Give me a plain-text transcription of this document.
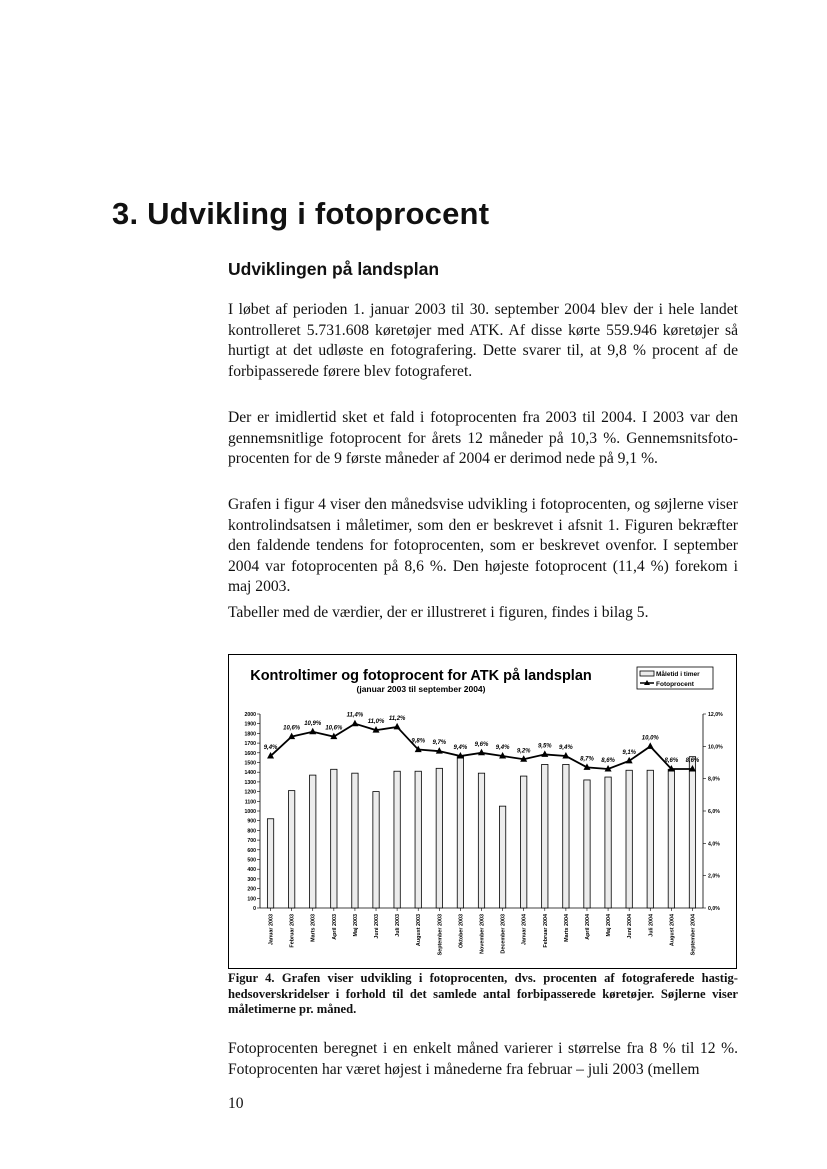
3. Udvikling i fotoprocent
Udviklingen på landsplan

I løbet af perioden 1. januar 2003 til 30. september 2004 blev der i hele landet kontrolleret 5.731.608 køretøjer med ATK. Af disse kørte 559.946 køretøjer så hurtigt at det udløste en fotografering. Dette svarer til, at 9,8 % procent af de forbipasserede førere blev fotograferet.

Der er imidlertid sket et fald i fotoprocenten fra 2003 til 2004. I 2003 var den gennemsnitlige fotoprocent for årets 12 måneder på 10,3 %. Gennemsnitsfotoprocenten for de 9 første måneder af 2004 er derimod nede på 9,1 %.

Grafen i figur 4 viser den månedsvise udvikling i fotoprocenten, og søjlerne viser kontrolindsatsen i måletimer, som den er beskrevet i afsnit 1. Figuren bekræfter den faldende tendens for fotoprocenten, som er beskrevet ovenfor. I september 2004 var fotoprocenten på 8,6 %. Den højeste fotoprocent (11,4 %) forekom i maj 2003.

Tabeller med de værdier, der er illustreret i figuren, findes i bilag 5.

Kontroltimer og fotoprocent for ATK på landsplan
(januar 2003 til september 2004)
Måletid i timer
Fotoprocent
0
100
200
300
400
500
600
700
800
900
1000
1100
1200
1300
1400
1500
1600
1700
1800
1900
2000
0,0%
2,0%
4,0%
6,0%
8,0%
10,0%
12,0%
Januar 2003	Februar 2003	Marts 2003	April 2003	Maj 2003	Juni 2003	Juli 2003	August 2003	September 2003	Oktober 2003	November 2003	December 2003	Januar 2004	Februar 2004	Marts 2004	April 2004	Maj 2004	Juni 2004	Juli 2004	August 2004	September 2004
9,4%
10,6%
10,9%
10,6%
11,4%
11,0%
11,2%
9,8% 9,7%
9,4%
9,6%
9,4%
9,2%
9,5% 9,4%
8,7% 8,6%
9,1%
10,0%
8,6% 8,6%

Figur 4. Grafen viser udvikling i fotoprocenten, dvs. procenten af fotograferede hastighedsoverskridelser i forhold til det samlede antal forbipasserede køretøjer. Søjlerne viser måletimerne pr. måned.

Fotoprocenten beregnet i en enkelt måned varierer i størrelse fra 8 % til 12 %. Fotoprocenten har været højest i månederne fra februar – juli 2003 (mellem

10
